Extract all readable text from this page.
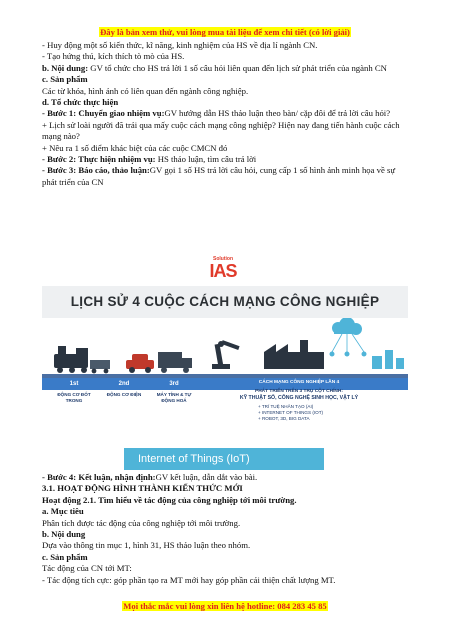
Đây là bản xem thử, vui lòng mua tài liệu để xem chi tiết (có lời giải)

- Huy động một số kiến thức, kĩ năng, kinh nghiệm của HS về địa lí ngành CN.

- Tạo hứng thú, kích thích tò mò của HS.

b. Nội dung: GV tổ chức cho HS trả lời 1 số câu hỏi liên quan đến lịch sử phát triển của ngành CN

c. Sản phẩm

Các từ khóa, hình ảnh có liên quan đến ngành công nghiệp.

d. Tổ chức thực hiện

- Bước 1: Chuyển giao nhiệm vụ:GV hướng dẫn HS thảo luận theo bàn/ cặp đôi để trả lời câu hỏi?

+ Lịch sử loài người đã trải qua mấy cuộc cách mạng công nghiệp? Hiện nay đang tiến hành cuộc cách mạng nào?

+ Nêu ra 1 số điểm khác biệt của các cuộc CMCN đó

- Bước 2: Thực hiện nhiệm vụ: HS thảo luận, tìm câu trả lời

- Bước 3: Báo cáo, thảo luận:GV gọi 1 số HS trả lời câu hỏi, cung cấp 1 số hình ảnh minh họa về sự phát triển của CN

Solution
IAS
LỊCH SỬ 4 CUỘC CÁCH MẠNG CÔNG NGHIỆP
1st	2nd	3rd
ĐỘNG CƠ ĐỐT TRONG
ĐỘNG CƠ ĐIỆN	MÁY TÍNH & TỰ ĐỘNG HOÁ
CÁCH MẠNG CÔNG NGHIỆP LẦN 4
PHÁT TRIỂN TRÊN 3 TRỤ CỘT CHÍNH:
KỸ THUẬT SỐ, CÔNG NGHỆ SINH HỌC, VẬT LÝ
+ TRÍ TUỆ NHÂN TẠO (AI)
+ INTERNET OF THINGS (IOT)
+ ROBOT, 3D, BIG DATA
Internet of Things (IoT)

- Bước 4: Kết luận, nhận định:GV kết luận, dẫn dắt vào bài.

3.1. HOẠT ĐỘNG HÌNH THÀNH KIẾN THỨC MỚI

Hoạt động 2.1. Tìm hiểu về tác động của công nghiệp tới môi trường.

a. Mục tiêu

Phân tích được tác động của công nghiệp tới môi trường.

b. Nội dung

Dựa vào thông tin mục 1, hình 31, HS thảo luận theo nhóm.

c. Sản phẩm

Tác động của CN tới MT:

- Tác động tích cực: góp phần tạo ra MT mới hay góp phần cải thiện chất lượng MT.

Mọi thắc mắc vui lòng xin liên hệ hotline: 084 283 45 85
